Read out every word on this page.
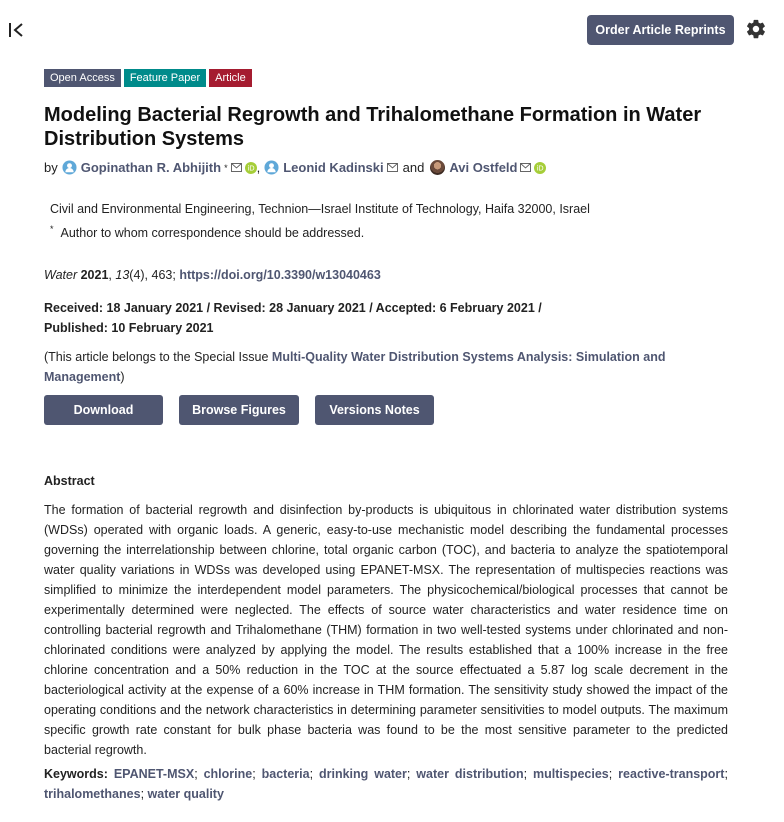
Order Article Reprints
Open Access	Feature Paper	Article
Modeling Bacterial Regrowth and Trihalomethane Formation in Water Distribution Systems
by Gopinathan R. Abhijith *	iD , Leonid Kadinski and Avi Ostfeld	iD
Civil and Environmental Engineering, Technion—Israel Institute of Technology, Haifa 32000, Israel
* Author to whom correspondence should be addressed.
Water 2021, 13(4), 463; https://doi.org/10.3390/w13040463
Received: 18 January 2021 / Revised: 28 January 2021 / Accepted: 6 February 2021 /
Published: 10 February 2021
(This article belongs to the Special Issue Multi-Quality Water Distribution Systems Analysis: Simulation and Management)
Download	Browse Figures	Versions Notes
Abstract
The formation of bacterial regrowth and disinfection by-products is ubiquitous in chlorinated water distribution systems (WDSs) operated with organic loads. A generic, easy-to-use mechanistic model describing the fundamental processes governing the interrelationship between chlorine, total organic carbon (TOC), and bacteria to analyze the spatiotemporal water quality variations in WDSs was developed using EPANET-MSX. The representation of multispecies reactions was simplified to minimize the interdependent model parameters. The physicochemical/biological processes that cannot be experimentally determined were neglected. The effects of source water characteristics and water residence time on controlling bacterial regrowth and Trihalomethane (THM) formation in two well-tested systems under chlorinated and non-chlorinated conditions were analyzed by applying the model. The results established that a 100% increase in the free chlorine concentration and a 50% reduction in the TOC at the source effectuated a 5.87 log scale decrement in the bacteriological activity at the expense of a 60% increase in THM formation. The sensitivity study showed the impact of the operating conditions and the network characteristics in determining parameter sensitivities to model outputs. The maximum specific growth rate constant for bulk phase bacteria was found to be the most sensitive parameter to the predicted bacterial regrowth.
Keywords: EPANET-MSX; chlorine; bacteria; drinking water; water distribution; multispecies; reactive-transport; trihalomethanes; water quality
